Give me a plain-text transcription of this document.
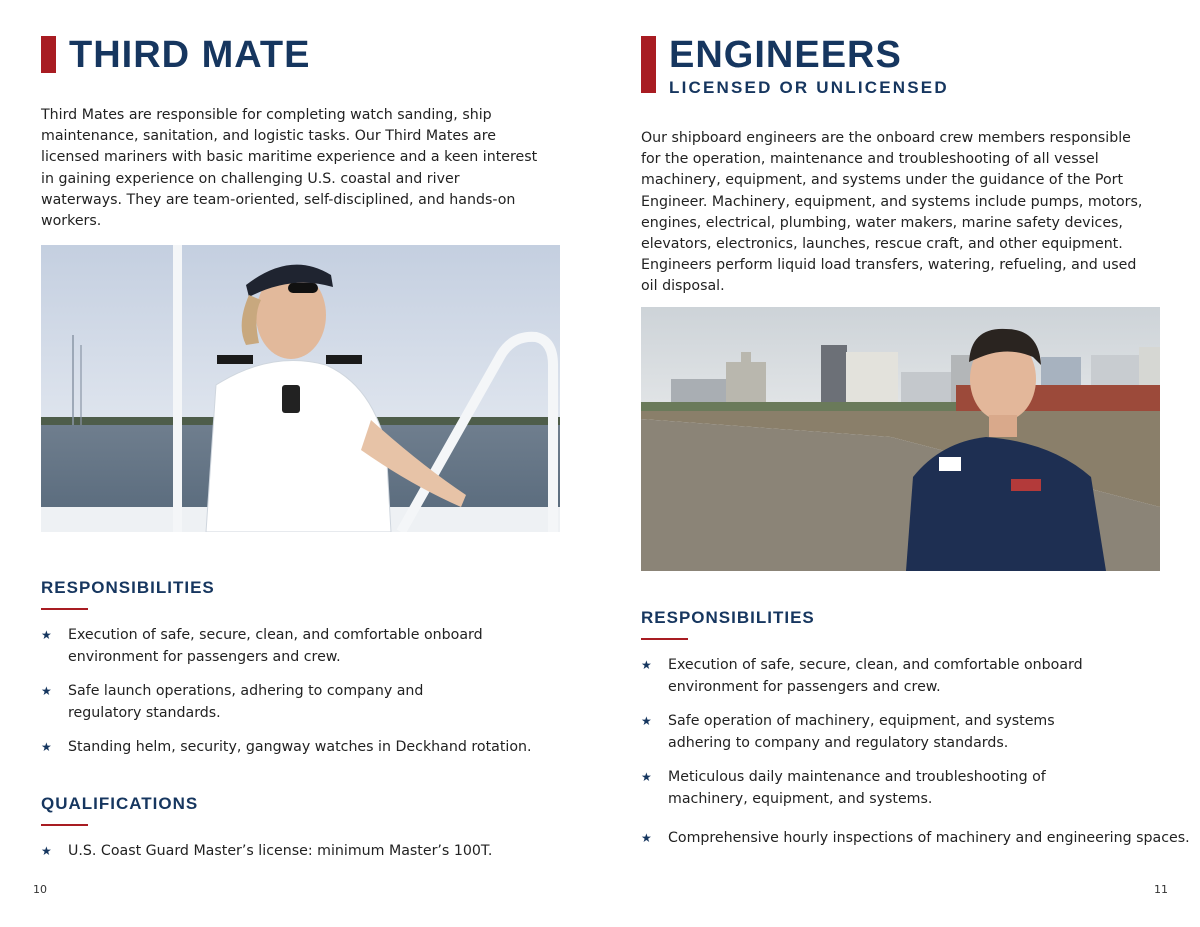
THIRD MATE

Third Mates are responsible for completing watch sanding, ship maintenance, sanitation, and logistic tasks. Our Third Mates are licensed mariners with basic maritime experience and a keen interest in gaining experience on challenging U.S. coastal and river waterways. They are team-oriented, self-disciplined, and hands-on workers.

RESPONSIBILITIES
★ Execution of safe, secure, clean, and comfortable onboard environment for passengers and crew.
★ Safe launch operations, adhering to company and regulatory standards.
★ Standing helm, security, gangway watches in Deckhand rotation.
QUALIFICATIONS
★ U.S. Coast Guard Master’s license: minimum Master’s 100T.
10
ENGINEERS
LICENSED OR UNLICENSED

Our shipboard engineers are the onboard crew members responsible for the operation, maintenance and troubleshooting of all vessel machinery, equipment, and systems under the guidance of the Port Engineer. Machinery, equipment, and systems include pumps, motors, engines, electrical, plumbing, water makers, marine safety devices, elevators, electronics, launches, rescue craft, and other equipment. Engineers perform liquid load transfers, watering, refueling, and used oil disposal.

RESPONSIBILITIES
★ Execution of safe, secure, clean, and comfortable onboard environment for passengers and crew.
★ Safe operation of machinery, equipment, and systems adhering to company and regulatory standards.
★ Meticulous daily maintenance and troubleshooting of machinery, equipment, and systems.
★ Comprehensive hourly inspections of machinery and engineering spaces.
11
